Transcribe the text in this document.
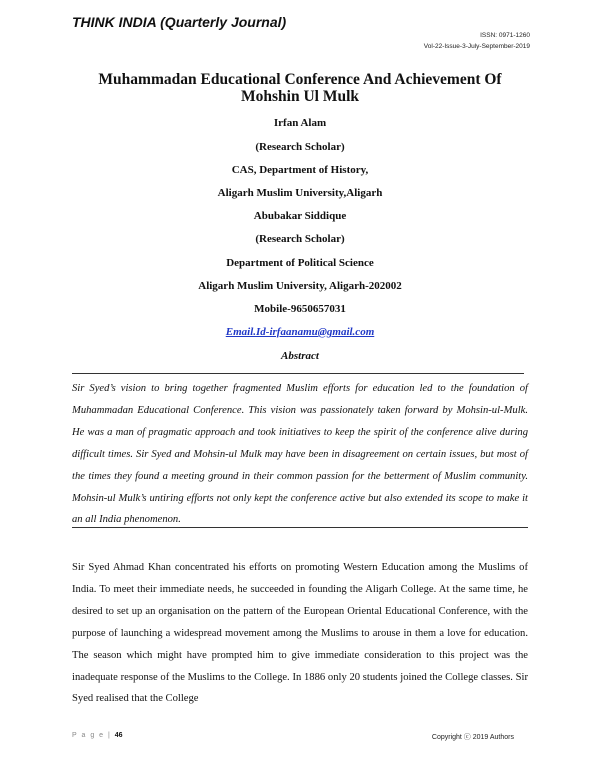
THINK INDIA (Quarterly Journal)
ISSN: 0971-1260
Vol-22-Issue-3-July-September-2019
Muhammadan Educational Conference And Achievement Of Mohshin Ul Mulk
Irfan Alam
(Research Scholar)
CAS, Department of History,
Aligarh Muslim University,Aligarh
Abubakar Siddique
(Research Scholar)
Department of Political Science
Aligarh Muslim University, Aligarh-202002
Mobile-9650657031
Email.Id-irfaanamu@gmail.com
Abstract

Sir Syed’s vision to bring together fragmented Muslim efforts for education led to the foundation of Muhammadan Educational Conference. This vision was passionately taken forward by Mohsin-ul-Mulk. He was a man of pragmatic approach and took initiatives to keep the spirit of the conference alive during difficult times. Sir Syed and Mohsin-ul Mulk may have been in disagreement on certain issues, but most of the times they found a meeting ground in their common passion for the betterment of Muslim community. Mohsin-ul Mulk’s untiring efforts not only kept the conference active but also extended its scope to make it an all India phenomenon.

Sir Syed Ahmad Khan concentrated his efforts on promoting Western Education among the Muslims of India. To meet their immediate needs, he succeeded in founding the Aligarh College. At the same time, he desired to set up an organisation on the pattern of the European Oriental Educational Conference, with the purpose of launching a widespread movement among the Muslims to arouse in them a love for education. The season which might have prompted him to give immediate consideration to this project was the inadequate response of the Muslims to the College. In 1886 only 20 students joined the College classes. Sir Syed realised that the College

P a g e | 46	Copyright ⓒ 2019 Authors
